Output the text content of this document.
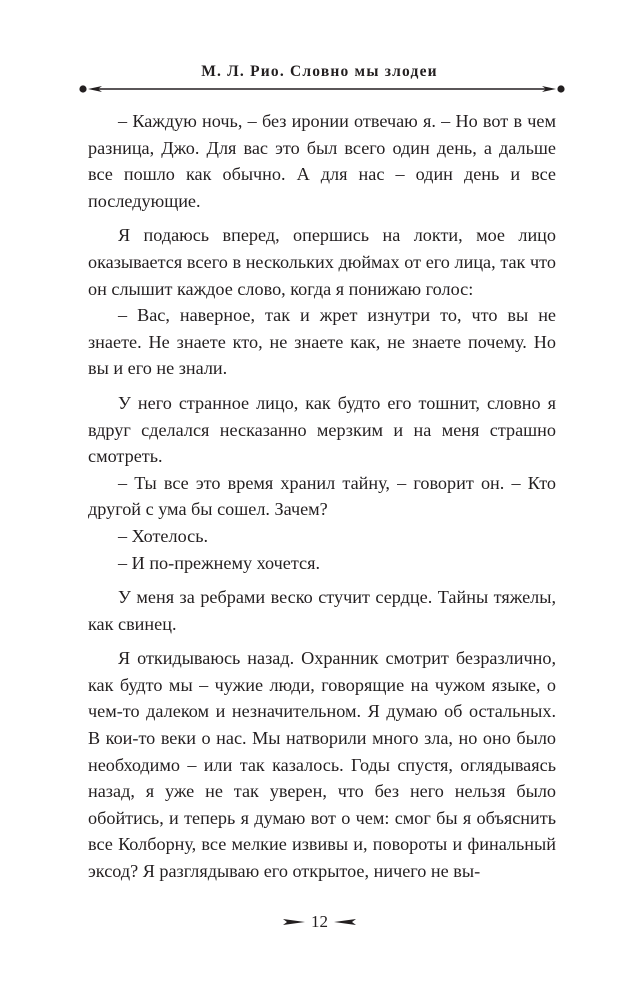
М. Л. Рио. Словно мы злодеи

– Каждую ночь, – без иронии отвечаю я. – Но вот в чем разница, Джо. Для вас это был всего один день, а дальше все пошло как обычно. А для нас – один день и все последующие.

Я подаюсь вперед, опершись на локти, мое лицо оказывается всего в нескольких дюймах от его лица, так что он слышит каждое слово, когда я понижаю голос:

– Вас, наверное, так и жрет изнутри то, что вы не знаете. Не знаете кто, не знаете как, не знаете почему. Но вы и его не знали.

У него странное лицо, как будто его тошнит, словно я вдруг сделался несказанно мерзким и на меня страшно смотреть.

– Ты все это время хранил тайну, – говорит он. – Кто другой с ума бы сошел. Зачем?

– Хотелось.

– И по-прежнему хочется.

У меня за ребрами веско стучит сердце. Тайны тяжелы, как свинец.

Я откидываюсь назад. Охранник смотрит безразлично, как будто мы – чужие люди, говорящие на чужом языке, о чем-то далеком и незначительном. Я думаю об остальных. В кои-то веки о нас. Мы натворили много зла, но оно было необходимо – или так казалось. Годы спустя, оглядываясь назад, я уже не так уверен, что без него нельзя было обойтись, и теперь я думаю вот о чем: смог бы я объяснить все Колборну, все мелкие извивы и, повороты и финальный эксод? Я разглядываю его открытое, ничего не вы-

12
